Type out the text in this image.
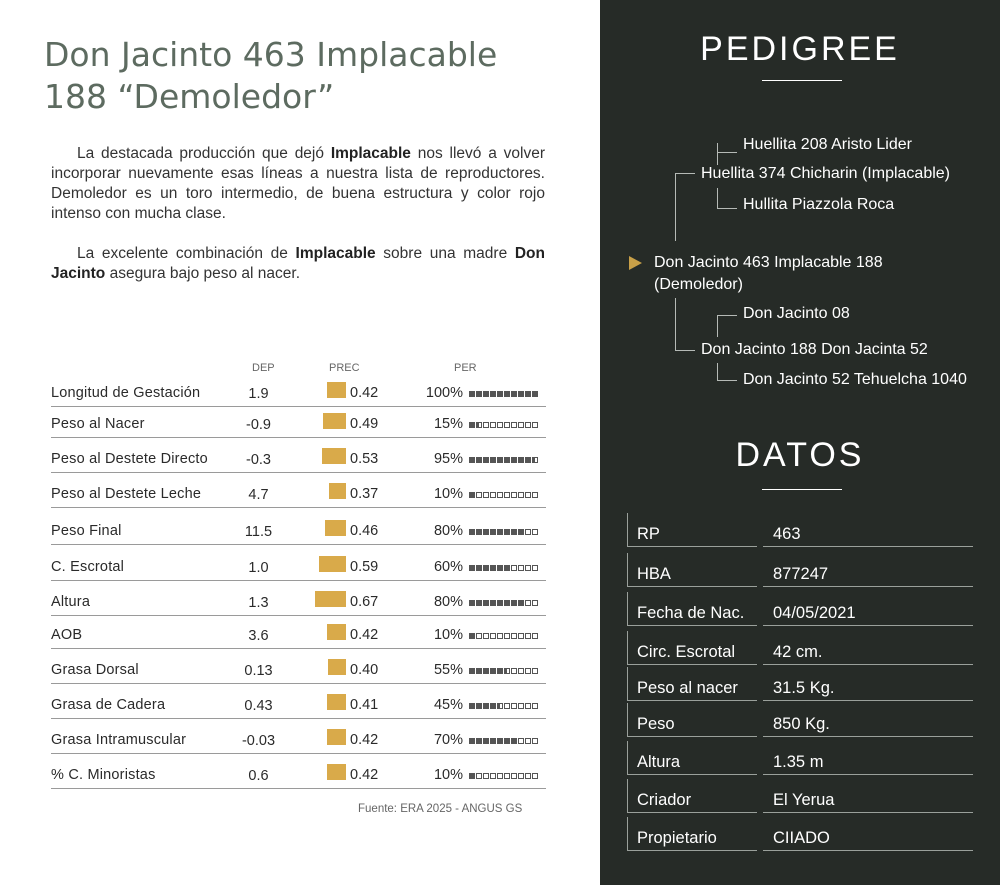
Don Jacinto 463 Implacable 188 “Demoledor”

La destacada producción que dejó Implacable nos llevó a volver incorporar nuevamente esas líneas a nuestra lista de reproductores. Demoledor es un toro intermedio, de buena estructura y color rojo intenso con mucha clase.

La excelente combinación de Implacable sobre una madre Don Jacinto asegura bajo peso al nacer.

DEP	PREC	PER
Longitud de Gestación	1.9	0.42	100%
Peso al Nacer	-0.9	0.49	15%
Peso al Destete Directo	-0.3	0.53	95%
Peso al Destete Leche	4.7	0.37	10%
Peso Final	11.5	0.46	80%
C. Escrotal	1.0	0.59	60%
Altura	1.3	0.67	80%
AOB	3.6	0.42	10%
Grasa Dorsal	0.13	0.40	55%
Grasa de Cadera	0.43	0.41	45%
Grasa Intramuscular	-0.03	0.42	70%
% C. Minoristas	0.6	0.42	10%
Fuente: ERA 2025 - ANGUS GS
PEDIGREE
Huellita 208 Aristo Lider
Huellita 374 Chicharin (Implacable)
Hullita Piazzola Roca
Don Jacinto 463 Implacable 188
(Demoledor)
Don Jacinto 08
Don Jacinto 188 Don Jacinta 52
Don Jacinto 52 Tehuelcha 1040
DATOS
RP	463
HBA	877247
Fecha de Nac. 04/05/2021
Circ. Escrotal 42 cm.
Peso al nacer 31.5 Kg.
Peso	850 Kg.
Altura	1.35 m
Criador	El Yerua
Propietario	CIIADO
